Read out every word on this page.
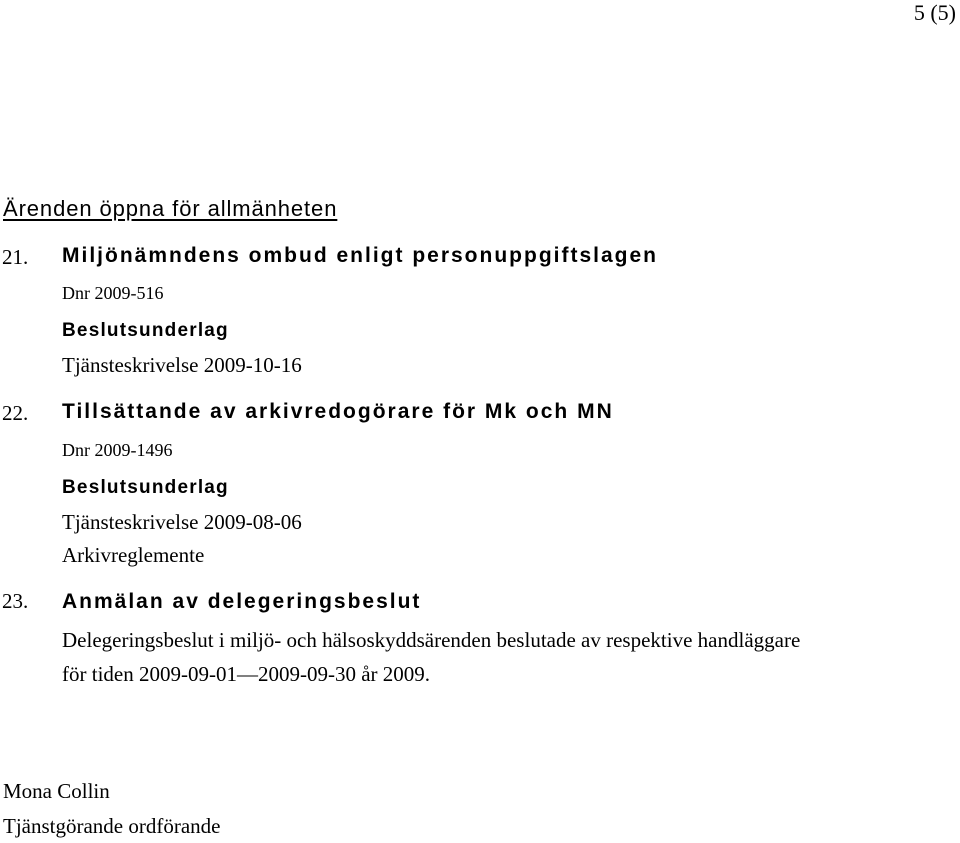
5 (5)
Ärenden öppna för allmänheten
21. Miljönämndens ombud enligt personuppgiftslagen
Dnr 2009-516
Beslutsunderlag
Tjänsteskrivelse 2009-10-16
22. Tillsättande av arkivredogörare för Mk och MN
Dnr 2009-1496
Beslutsunderlag
Tjänsteskrivelse 2009-08-06
Arkivreglemente
23. Anmälan av delegeringsbeslut
Delegeringsbeslut i miljö- och hälsoskyddsärenden beslutade av respektive handläggare
för tiden 2009-09-01—2009-09-30 år 2009.
Mona Collin
Tjänstgörande ordförande
